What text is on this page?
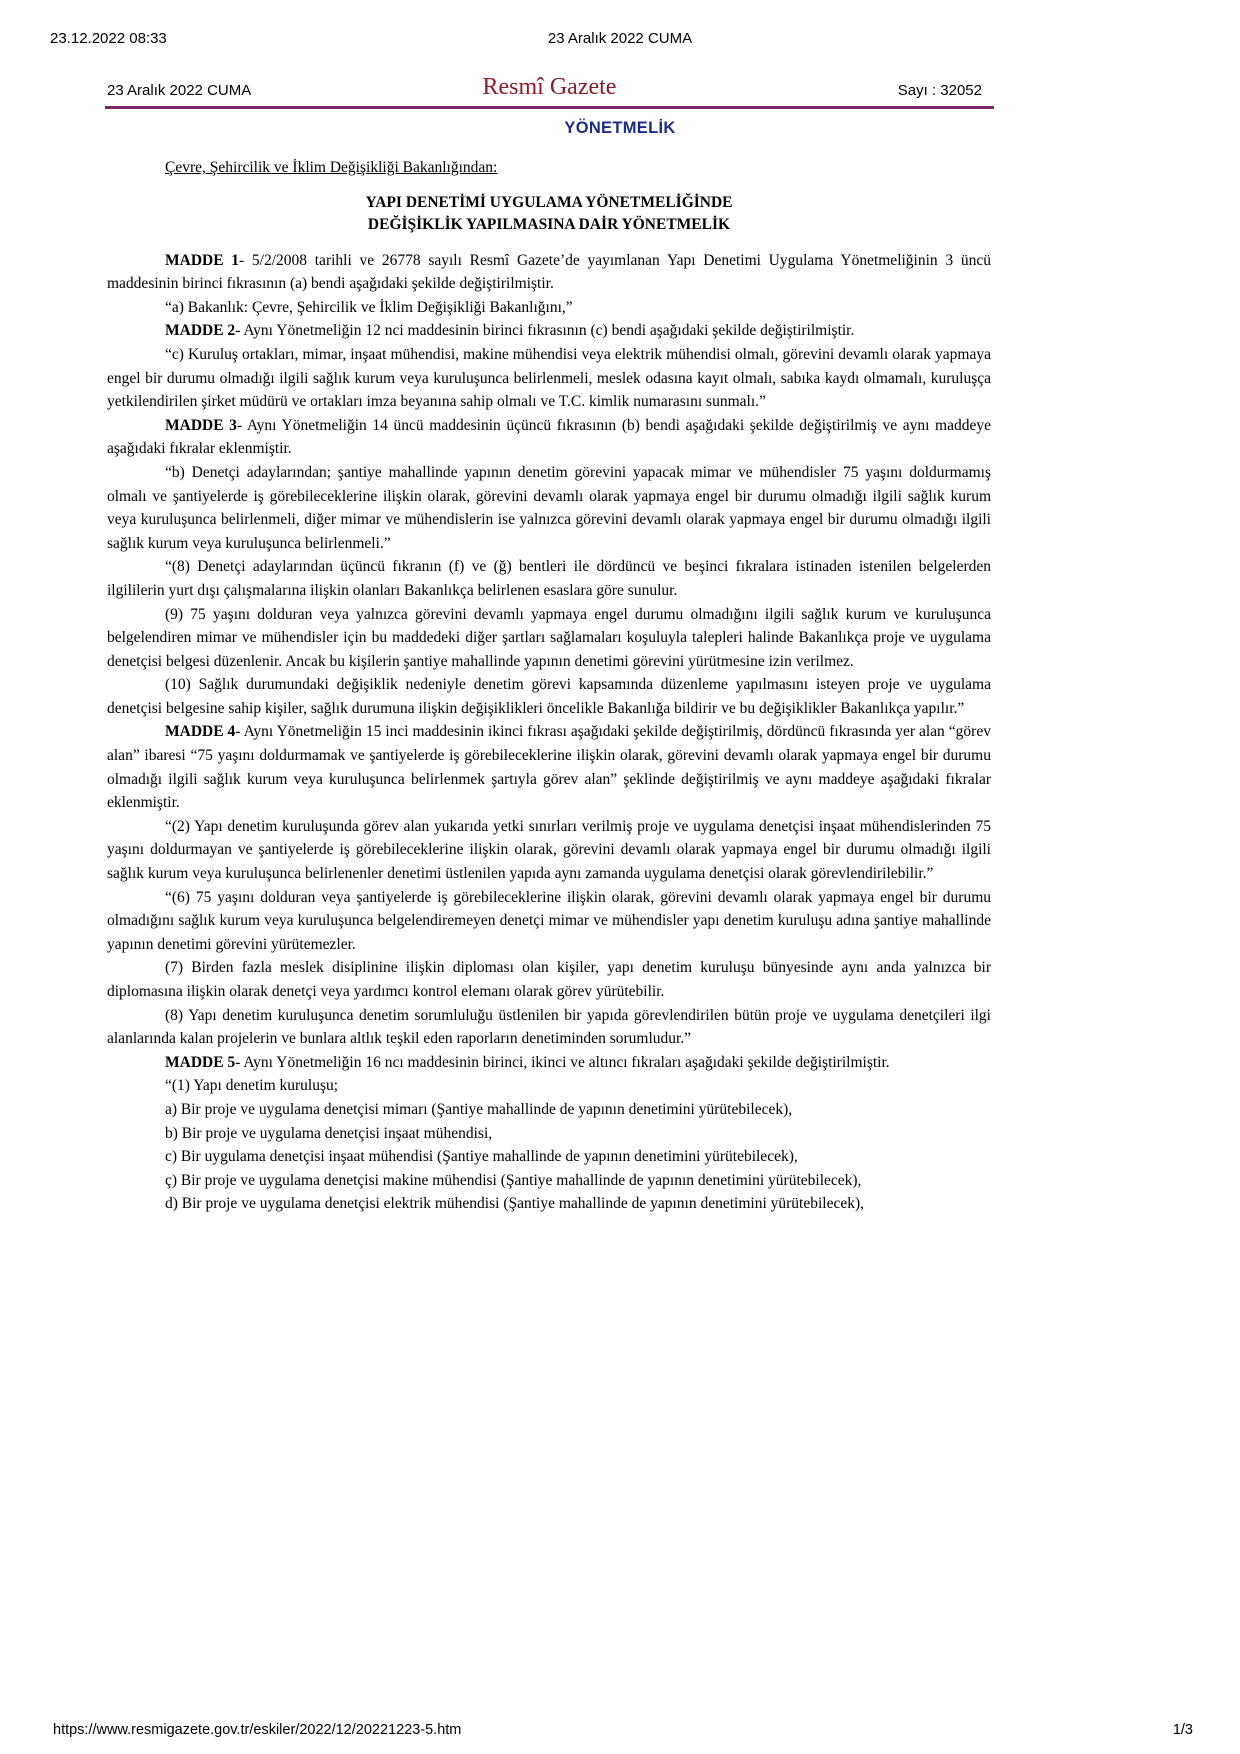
23.12.2022 08:33	23 Aralık 2022 CUMA
23 Aralık 2022 CUMA	Resmî Gazete	Sayı : 32052
YÖNETMELİK
Çevre, Şehircilik ve İklim Değişikliği Bakanlığından:
YAPI DENETİMİ UYGULAMA YÖNETMELİĞİNDE
DEĞİŞİKLİK YAPILMASINA DAİR YÖNETMELİK

MADDE 1- 5/2/2008 tarihli ve 26778 sayılı Resmî Gazete’de yayımlanan Yapı Denetimi Uygulama Yönetmeliğinin 3 üncü maddesinin birinci fıkrasının (a) bendi aşağıdaki şekilde değiştirilmiştir.

“a) Bakanlık: Çevre, Şehircilik ve İklim Değişikliği Bakanlığını,”

MADDE 2- Aynı Yönetmeliğin 12 nci maddesinin birinci fıkrasının (c) bendi aşağıdaki şekilde değiştirilmiştir.

“c) Kuruluş ortakları, mimar, inşaat mühendisi, makine mühendisi veya elektrik mühendisi olmalı, görevini devamlı olarak yapmaya engel bir durumu olmadığı ilgili sağlık kurum veya kuruluşunca belirlenmeli, meslek odasına kayıt olmalı, sabıka kaydı olmamalı, kuruluşça yetkilendirilen şirket müdürü ve ortakları imza beyanına sahip olmalı ve T.C. kimlik numarasını sunmalı.”

MADDE 3- Aynı Yönetmeliğin 14 üncü maddesinin üçüncü fıkrasının (b) bendi aşağıdaki şekilde değiştirilmiş ve aynı maddeye aşağıdaki fıkralar eklenmiştir.

“b) Denetçi adaylarından; şantiye mahallinde yapının denetim görevini yapacak mimar ve mühendisler 75 yaşını doldurmamış olmalı ve şantiyelerde iş görebileceklerine ilişkin olarak, görevini devamlı olarak yapmaya engel bir durumu olmadığı ilgili sağlık kurum veya kuruluşunca belirlenmeli, diğer mimar ve mühendislerin ise yalnızca görevini devamlı olarak yapmaya engel bir durumu olmadığı ilgili sağlık kurum veya kuruluşunca belirlenmeli.”

“(8) Denetçi adaylarından üçüncü fıkranın (f) ve (ğ) bentleri ile dördüncü ve beşinci fıkralara istinaden istenilen belgelerden ilgililerin yurt dışı çalışmalarına ilişkin olanları Bakanlıkça belirlenen esaslara göre sunulur.

(9) 75 yaşını dolduran veya yalnızca görevini devamlı yapmaya engel durumu olmadığını ilgili sağlık kurum ve kuruluşunca belgelendiren mimar ve mühendisler için bu maddedeki diğer şartları sağlamaları koşuluyla talepleri halinde Bakanlıkça proje ve uygulama denetçisi belgesi düzenlenir. Ancak bu kişilerin şantiye mahallinde yapının denetimi görevini yürütmesine izin verilmez.

(10) Sağlık durumundaki değişiklik nedeniyle denetim görevi kapsamında düzenleme yapılmasını isteyen proje ve uygulama denetçisi belgesine sahip kişiler, sağlık durumuna ilişkin değişiklikleri öncelikle Bakanlığa bildirir ve bu değişiklikler Bakanlıkça yapılır.”

MADDE 4- Aynı Yönetmeliğin 15 inci maddesinin ikinci fıkrası aşağıdaki şekilde değiştirilmiş, dördüncü fıkrasında yer alan “görev alan” ibaresi “75 yaşını doldurmamak ve şantiyelerde iş görebileceklerine ilişkin olarak, görevini devamlı olarak yapmaya engel bir durumu olmadığı ilgili sağlık kurum veya kuruluşunca belirlenmek şartıyla görev alan” şeklinde değiştirilmiş ve aynı maddeye aşağıdaki fıkralar eklenmiştir.

“(2) Yapı denetim kuruluşunda görev alan yukarıda yetki sınırları verilmiş proje ve uygulama denetçisi inşaat mühendislerinden 75 yaşını doldurmayan ve şantiyelerde iş görebileceklerine ilişkin olarak, görevini devamlı olarak yapmaya engel bir durumu olmadığı ilgili sağlık kurum veya kuruluşunca belirlenenler denetimi üstlenilen yapıda aynı zamanda uygulama denetçisi olarak görevlendirilebilir.”

“(6) 75 yaşını dolduran veya şantiyelerde iş görebileceklerine ilişkin olarak, görevini devamlı olarak yapmaya engel bir durumu olmadığını sağlık kurum veya kuruluşunca belgelendiremeyen denetçi mimar ve mühendisler yapı denetim kuruluşu adına şantiye mahallinde yapının denetimi görevini yürütemezler.

(7) Birden fazla meslek disiplinine ilişkin diploması olan kişiler, yapı denetim kuruluşu bünyesinde aynı anda yalnızca bir diplomasına ilişkin olarak denetçi veya yardımcı kontrol elemanı olarak görev yürütebilir.

(8) Yapı denetim kuruluşunca denetim sorumluluğu üstlenilen bir yapıda görevlendirilen bütün proje ve uygulama denetçileri ilgi alanlarında kalan projelerin ve bunlara altlık teşkil eden raporların denetiminden sorumludur.”

MADDE 5- Aynı Yönetmeliğin 16 ncı maddesinin birinci, ikinci ve altıncı fıkraları aşağıdaki şekilde değiştirilmiştir.

“(1) Yapı denetim kuruluşu;

a) Bir proje ve uygulama denetçisi mimarı (Şantiye mahallinde de yapının denetimini yürütebilecek),

b) Bir proje ve uygulama denetçisi inşaat mühendisi,

c) Bir uygulama denetçisi inşaat mühendisi (Şantiye mahallinde de yapının denetimini yürütebilecek),

ç) Bir proje ve uygulama denetçisi makine mühendisi (Şantiye mahallinde de yapının denetimini yürütebilecek),

d) Bir proje ve uygulama denetçisi elektrik mühendisi (Şantiye mahallinde de yapının denetimini yürütebilecek),

https://www.resmigazete.gov.tr/eskiler/2022/12/20221223-5.htm	1/3
